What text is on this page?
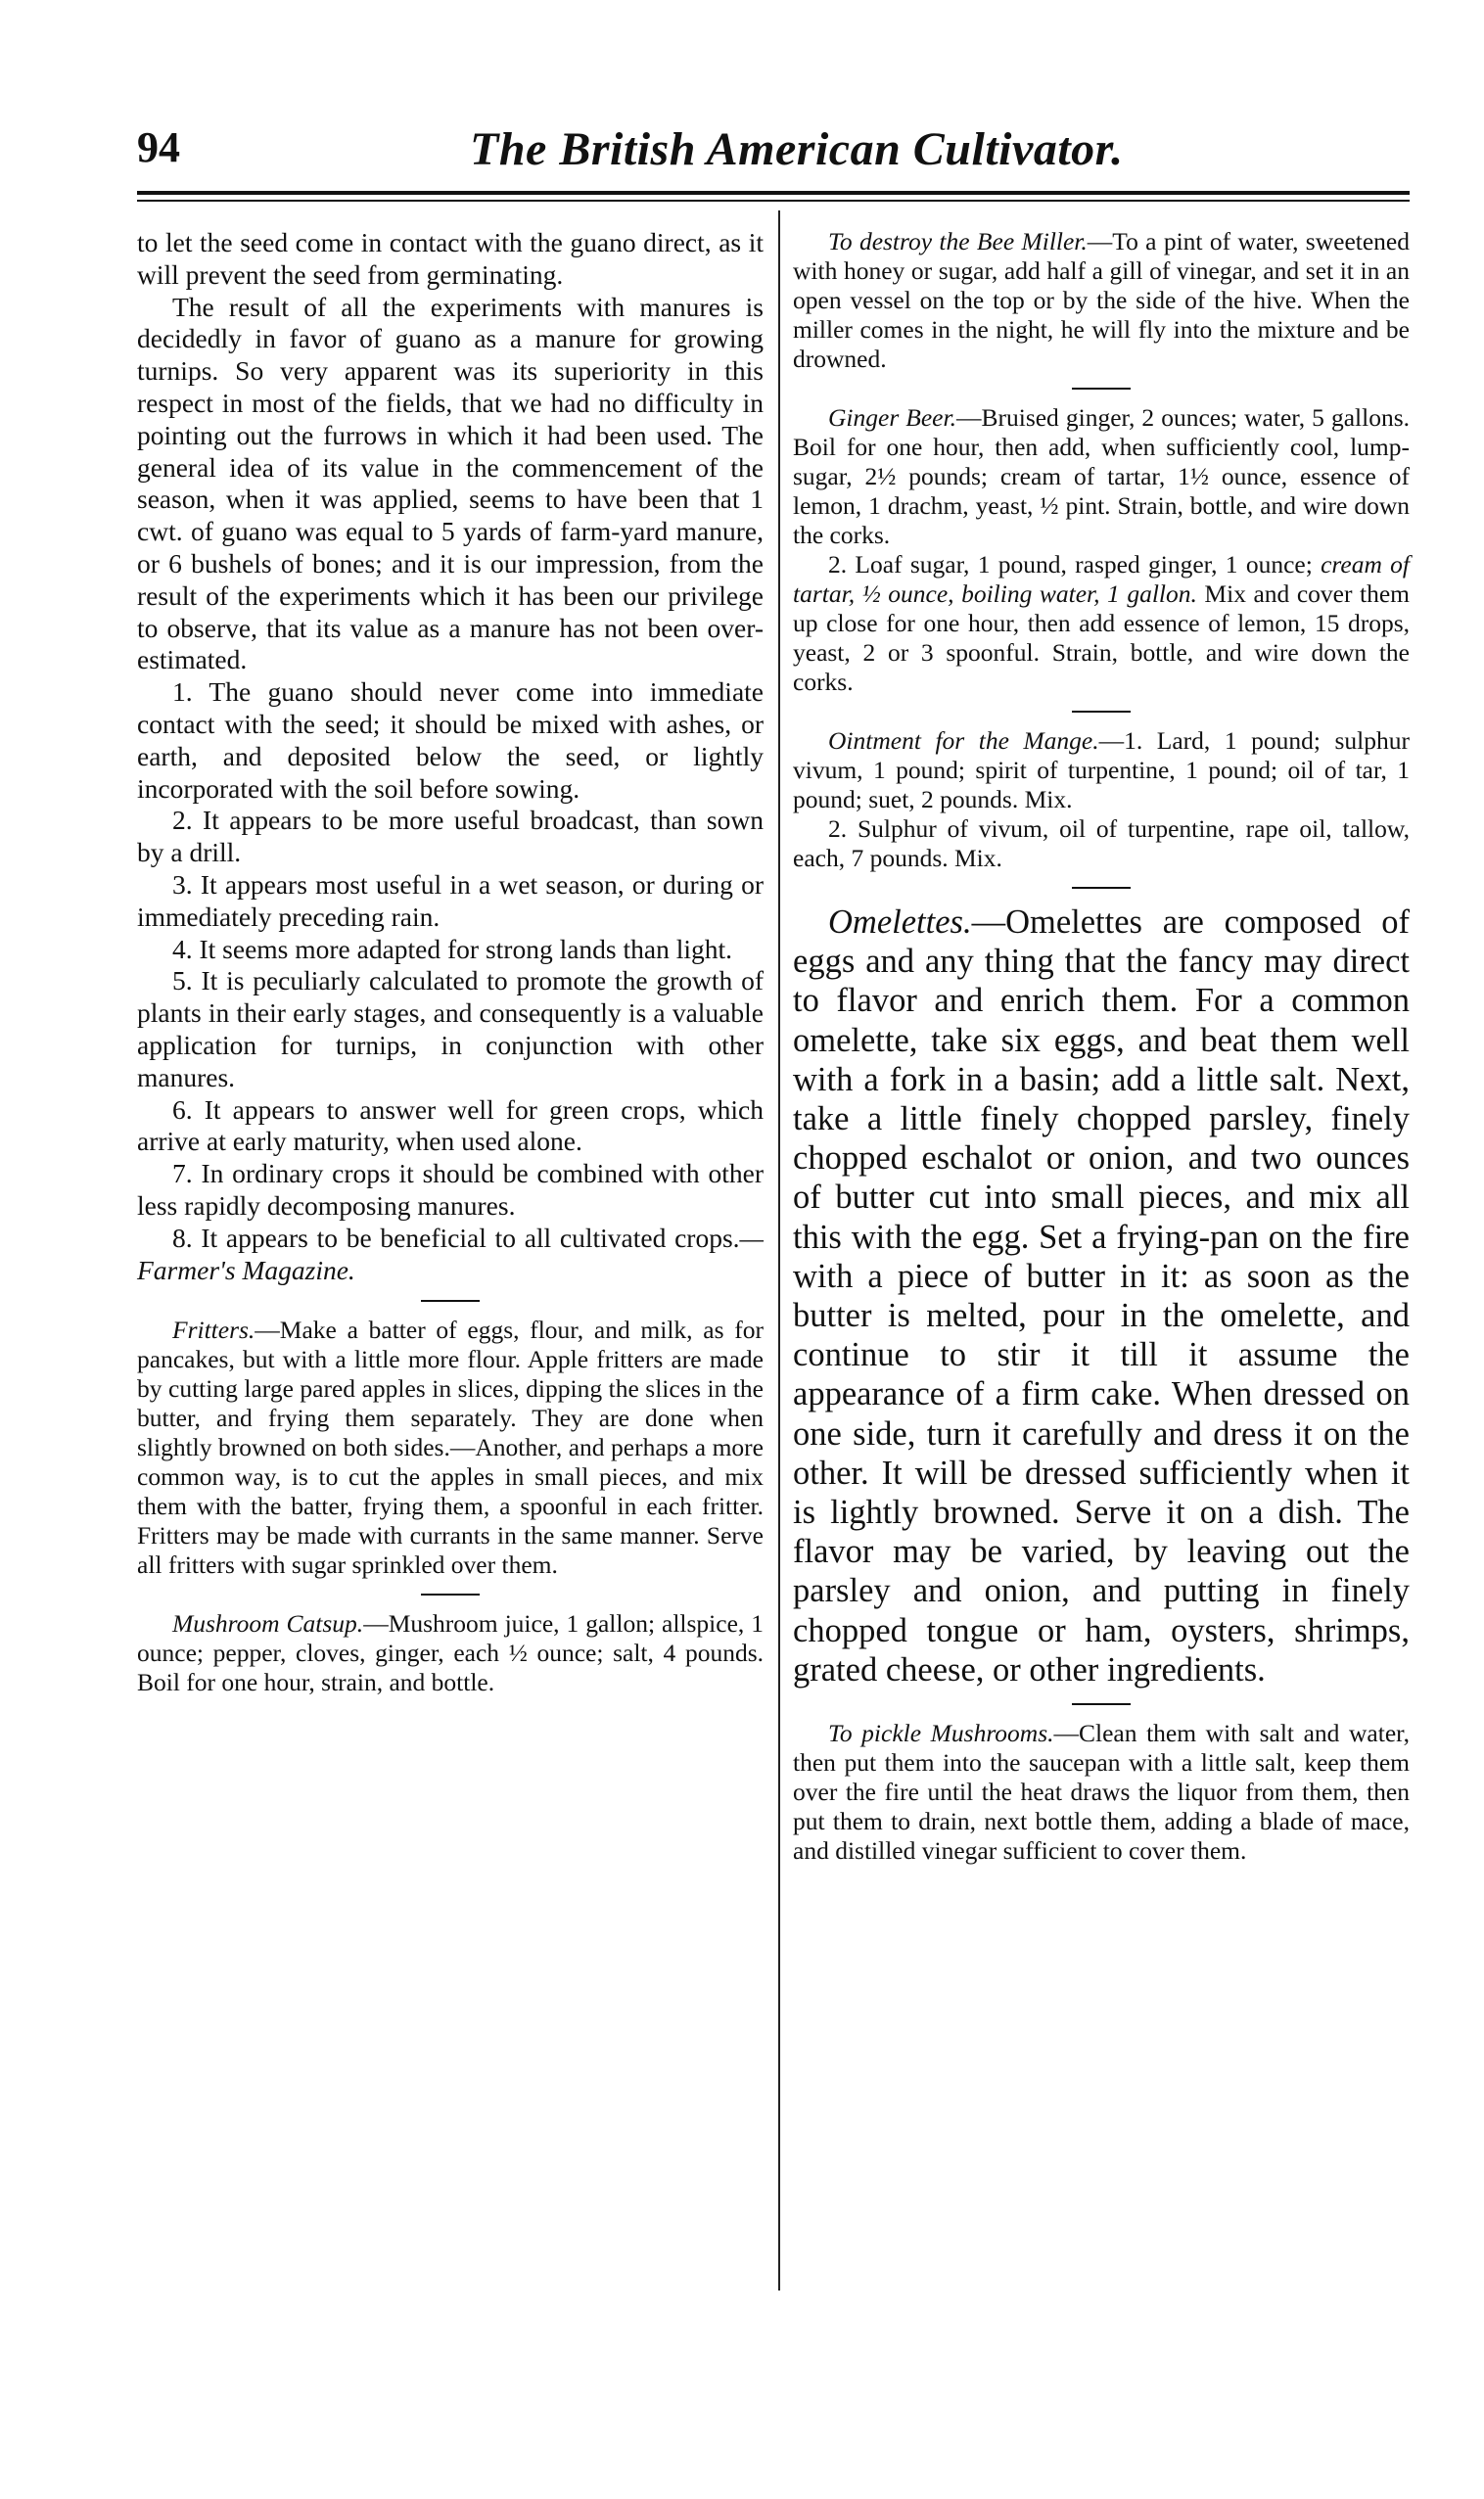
94	The British American Cultivator.

to let the seed come in contact with the guano direct, as it will prevent the seed from germinating.

The result of all the experiments with manures is decidedly in favor of guano as a manure for growing turnips. So very apparent was its superiority in this respect in most of the fields, that we had no difficulty in pointing out the furrows in which it had been used. The general idea of its value in the commencement of the season, when it was applied, seems to have been that 1 cwt. of guano was equal to 5 yards of farm-yard manure, or 6 bushels of bones; and it is our impression, from the result of the experiments which it has been our privilege to observe, that its value as a manure has not been over-estimated.

1. The guano should never come into immediate contact with the seed; it should be mixed with ashes, or earth, and deposited below the seed, or lightly incorporated with the soil before sowing.

2. It appears to be more useful broadcast, than sown by a drill.

3. It appears most useful in a wet season, or during or immediately preceding rain.

4. It seems more adapted for strong lands than light.

5. It is peculiarly calculated to promote the growth of plants in their early stages, and consequently is a valuable application for turnips, in conjunction with other manures.

6. It appears to answer well for green crops, which arrive at early maturity, when used alone.

7. In ordinary crops it should be combined with other less rapidly decomposing manures.

8. It appears to be beneficial to all cultivated crops.—Farmer's Magazine.

Fritters.—Make a batter of eggs, flour, and milk, as for pancakes, but with a little more flour. Apple fritters are made by cutting large pared apples in slices, dipping the slices in the butter, and frying them separately. They are done when slightly browned on both sides.—Another, and perhaps a more common way, is to cut the apples in small pieces, and mix them with the batter, frying them, a spoonful in each fritter. Fritters may be made with currants in the same manner. Serve all fritters with sugar sprinkled over them.

Mushroom Catsup.—Mushroom juice, 1 gallon; allspice, 1 ounce; pepper, cloves, ginger, each ½ ounce; salt, 4 pounds. Boil for one hour, strain, and bottle.

To destroy the Bee Miller.—To a pint of water, sweetened with honey or sugar, add half a gill of vinegar, and set it in an open vessel on the top or by the side of the hive. When the miller comes in the night, he will fly into the mixture and be drowned.

Ginger Beer.—Bruised ginger, 2 ounces; water, 5 gallons. Boil for one hour, then add, when sufficiently cool, lump-sugar, 2½ pounds; cream of tartar, 1½ ounce, essence of lemon, 1 drachm, yeast, ½ pint. Strain, bottle, and wire down the corks.

2. Loaf sugar, 1 pound, rasped ginger, 1 ounce; cream of tartar, ½ ounce, boiling water, 1 gallon. Mix and cover them up close for one hour, then add essence of lemon, 15 drops, yeast, 2 or 3 spoonful. Strain, bottle, and wire down the corks.

Ointment for the Mange.—1. Lard, 1 pound; sulphur vivum, 1 pound; spirit of turpentine, 1 pound; oil of tar, 1 pound; suet, 2 pounds. Mix.

2. Sulphur of vivum, oil of turpentine, rape oil, tallow, each, 7 pounds. Mix.

Omelettes.—Omelettes are composed of eggs and any thing that the fancy may direct to flavor and enrich them. For a common omelette, take six eggs, and beat them well with a fork in a basin; add a little salt. Next, take a little finely chopped parsley, finely chopped eschalot or onion, and two ounces of butter cut into small pieces, and mix all this with the egg. Set a frying-pan on the fire with a piece of butter in it: as soon as the butter is melted, pour in the omelette, and continue to stir it till it assume the appearance of a firm cake. When dressed on one side, turn it carefully and dress it on the other. It will be dressed sufficiently when it is lightly browned. Serve it on a dish. The flavor may be varied, by leaving out the parsley and onion, and putting in finely chopped tongue or ham, oysters, shrimps, grated cheese, or other ingredients.

To pickle Mushrooms.—Clean them with salt and water, then put them into the saucepan with a little salt, keep them over the fire until the heat draws the liquor from them, then put them to drain, next bottle them, adding a blade of mace, and distilled vinegar sufficient to cover them.
